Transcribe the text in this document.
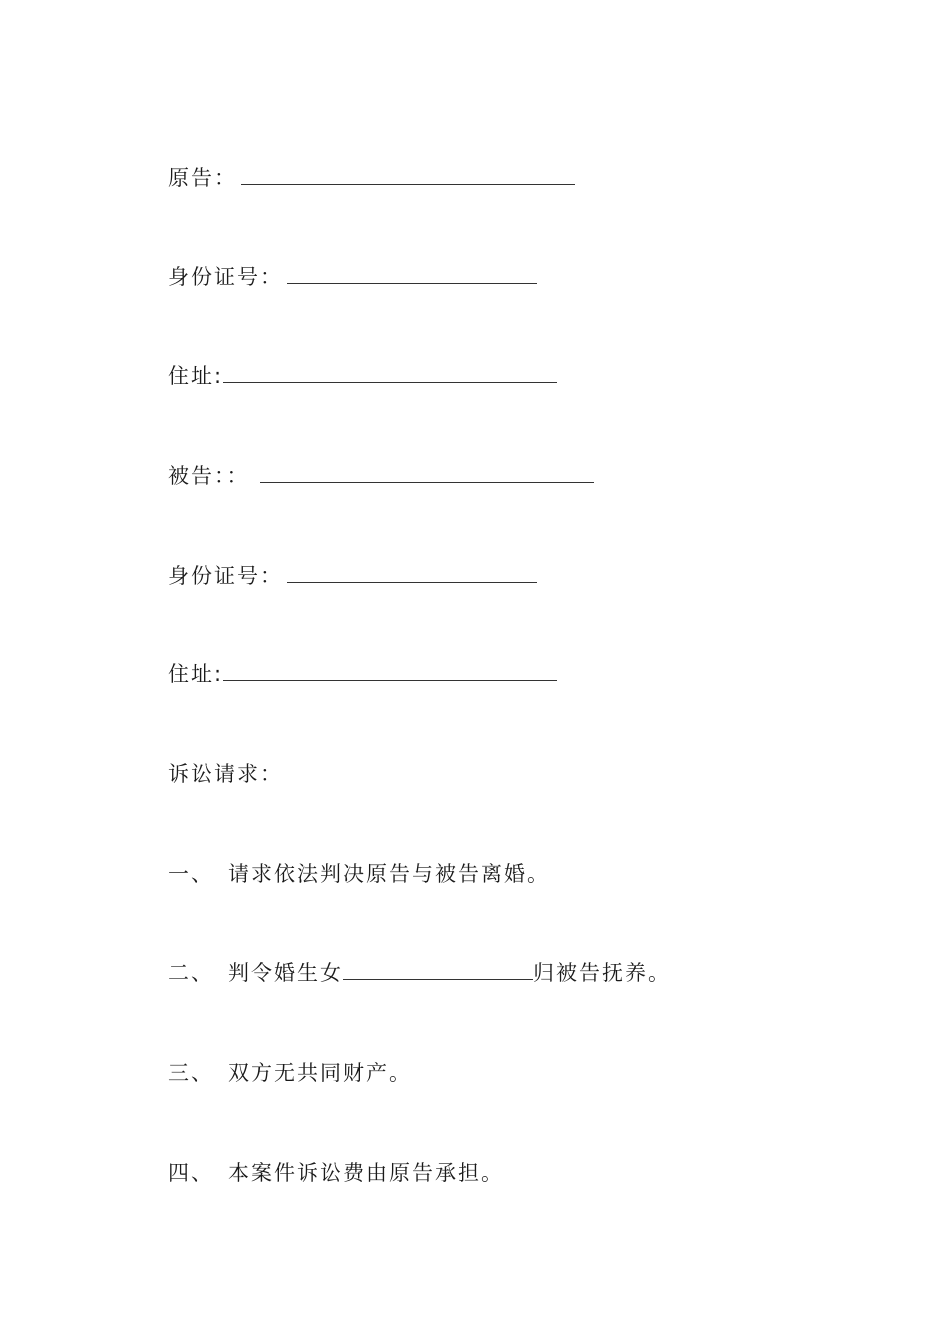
原告：
身份证号：
住址:
被告：：
身份证号：
住址:
诉讼请求：
一、 请求依法判决原告与被告离婚。
二、 判令婚生女	归被告抚养。
三、 双方无共同财产。
四、 本案件诉讼费由原告承担。
